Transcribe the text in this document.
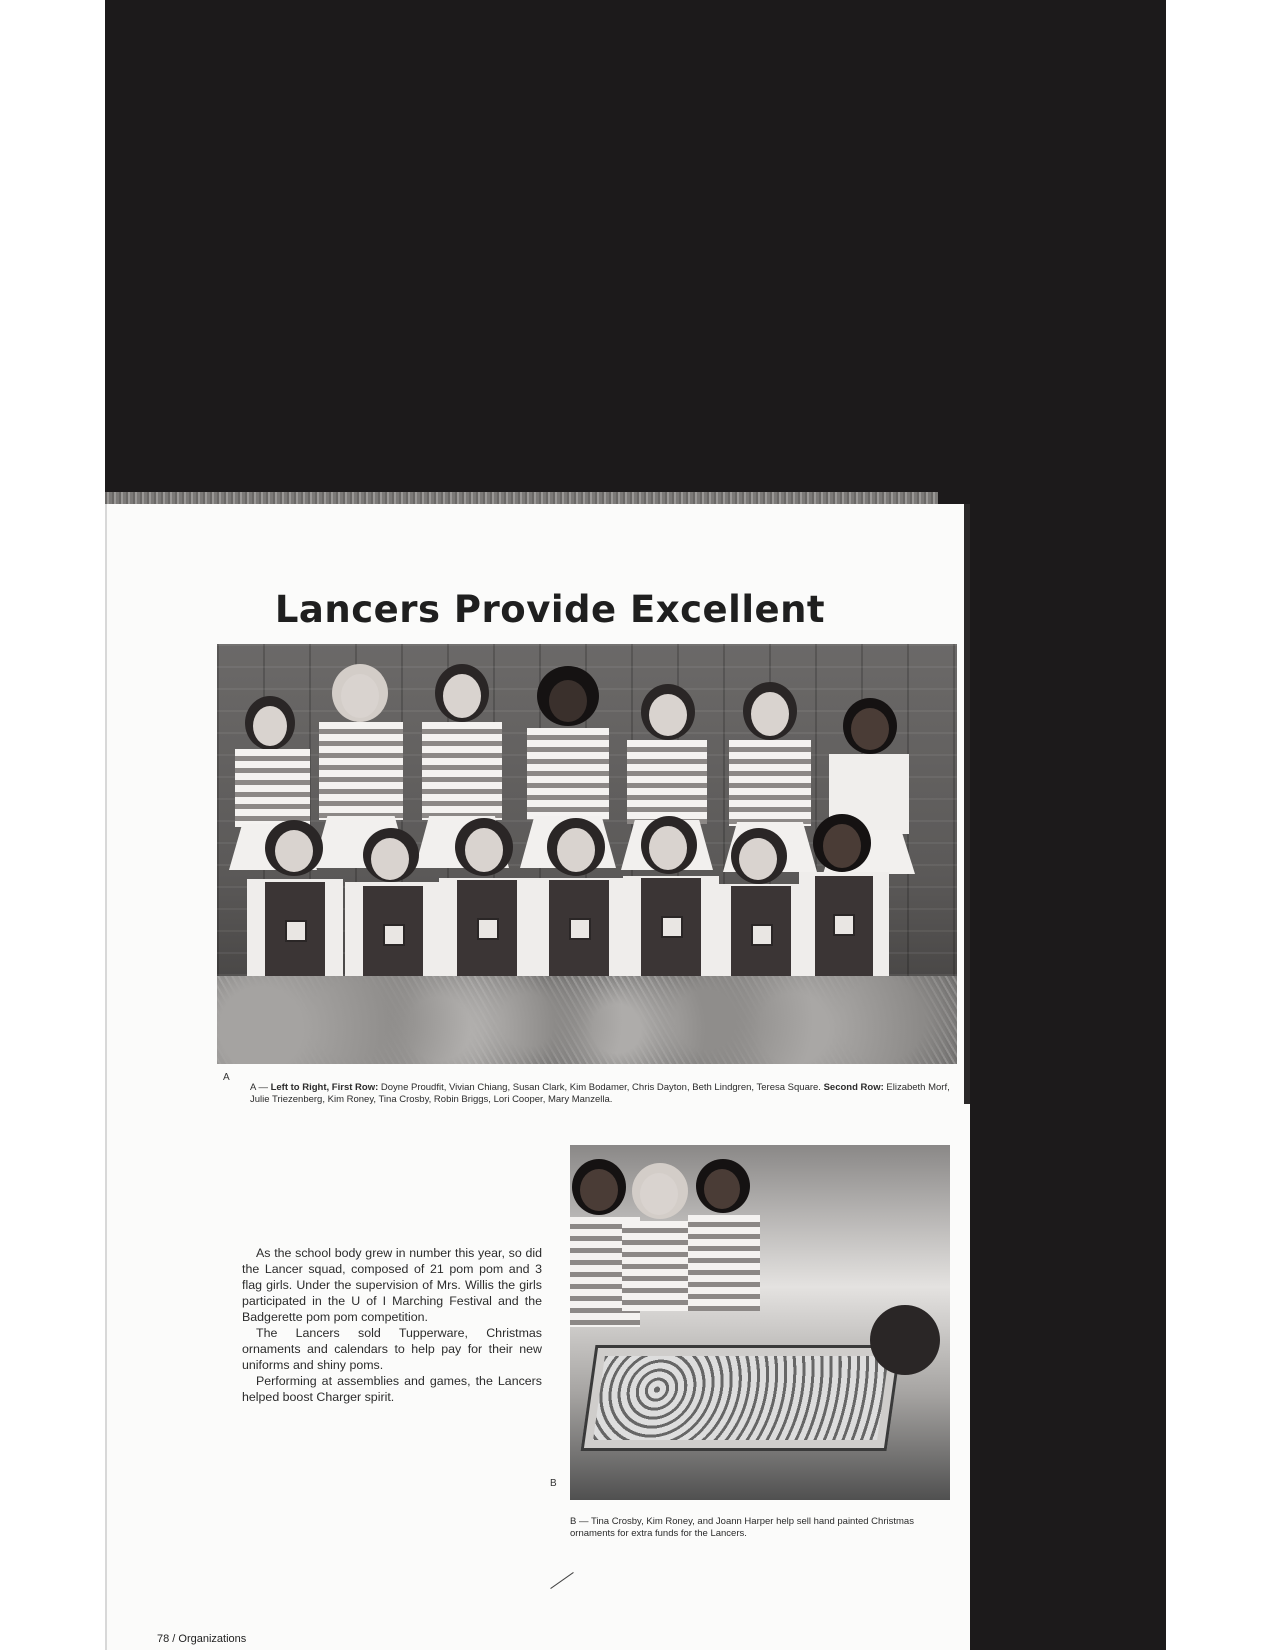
Lancers Provide Excellent
A
A — Left to Right, First Row: Doyne Proudfit, Vivian Chiang, Susan Clark, Kim Bodamer, Chris Dayton, Beth Lindgren, Teresa Square. Second Row: Elizabeth Morf, Julie Triezenberg, Kim Roney, Tina Crosby, Robin Briggs, Lori Cooper, Mary Manzella.

As the school body grew in number this year, so did the Lancer squad, composed of 21 pom pom and 3 flag girls. Under the supervision of Mrs. Willis the girls participated in the U of I Marching Festival and the Badgerette pom pom competition.

The Lancers sold Tupperware, Christmas ornaments and calendars to help pay for their new uniforms and shiny poms.

Performing at assemblies and games, the Lancers helped boost Charger spirit.

B
B — Tina Crosby, Kim Roney, and Joann Harper help sell hand painted Christmas ornaments for extra funds for the Lancers.
78 / Organizations
